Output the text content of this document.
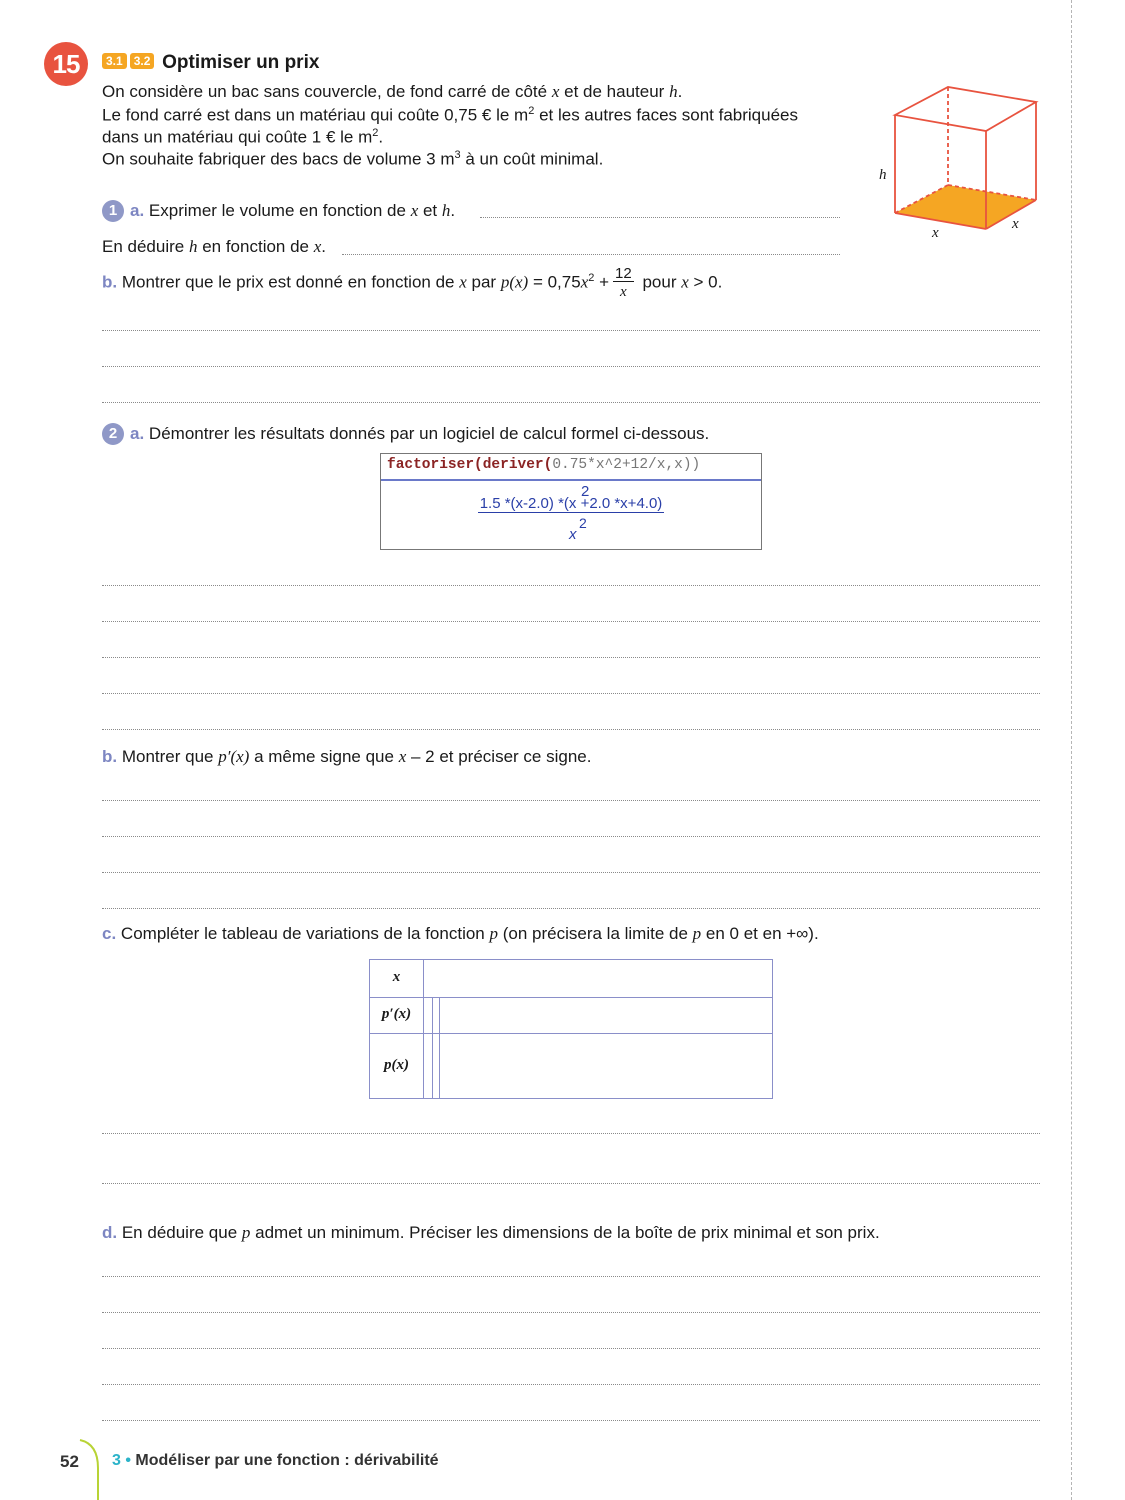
15	3.1 3.2 Optimiser un prix
On considère un bac sans couvercle, de fond carré de côté x et de hauteur h.
Le fond carré est dans un matériau qui coûte 0,75 € le $m^2$ et les autres faces sont fabriquées
dans un matériau qui coûte 1 € le $m^2$.
On souhaite fabriquer des bacs de volume 3 $m^3$ à un coût minimal.
h
x
x
1 a. Exprimer le volume en fonction de x et h.
En déduire h en fonction de x.
b. Montrer que le prix est donné en fonction de x par $p(x) = 0,75x^2 + \frac{12}{x}$ pour x > 0.
2 a. Démontrer les résultats donnés par un logiciel de calcul formel ci-dessous.
factoriser(deriver(0.75*x^2+12/x,x))
2
1.5 *(x-2.0) *(x +2.0 *x+4.0)
2
x
b. Montrer que p′(x) a même signe que x – 2 et préciser ce signe.
c. Compléter le tableau de variations de la fonction p (on précisera la limite de p en 0 et en +∞).
x
p′(x)
p(x)
d. En déduire que p admet un minimum. Préciser les dimensions de la boîte de prix minimal et son prix.
52 3 • Modéliser par une fonction : dérivabilité
